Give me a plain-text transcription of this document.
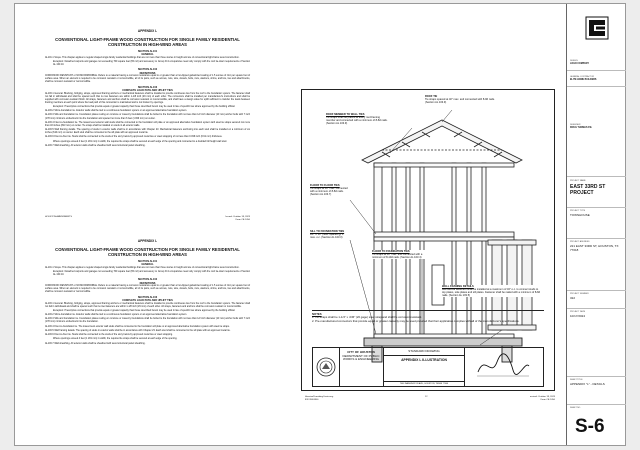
APPENDIX L

CONVENTIONAL LIGHT-FRAME WOOD CONSTRUCTION FOR SINGLE FAMILY RESIDENTIAL CONSTRUCTION IN HIGH-WIND AREAS

SECTION AL101

GENERAL

AL101.1 Scope. This chapter applies to regular shaped single family residential buildings that are not more than three stories in height and are of conventional light-frame wood construction.

Exception: Detached carports and garages not exceeding 700 square feet (65 m2) and accessory to Group R-3 occupancies need only comply with the roof tie-down requirements of Section AL 103.10.

SECTION AL102

DEFINITIONS

CORROSION RESISTANT or NONCORRODIBLE. Refers to a material having a corrosion resistance equal to or greater than a hot-dipped galvanized coating of 1.5 ounces of zinc per square foot of surface area. When an element is required to be corrosion resistant or noncorrodible, all of its parts, such as screws, nuts, wire, dowels, bolts, nuts, washers, shims, anchors, ties and attachments, shall be corrosion resistant or noncorrodible.

SECTION AL103

COMPLETE LOAD PATH AND UPLIFT TIES

AL103.1 General. Blocking, bridging, straps, approved framing anchors or mechanical fasteners shall be installed to provide continuous ties from the roof to the foundation system. The fastener shall not fail in withdrawal and shall be spaced such that no two fasteners are within 1-1/8 inch (29 mm) of each other. The connectors shall be installed per manufacturer's instructions and shall be supplied with corrosion-resistant finish. All straps, fasteners and anchors shall be corrosion resistant or noncorrodible, and shall have a design value for uplift sufficient to transfer the loads between framing members at each point where the load path of this connection is maintained and is not broken by openings.

Exception: Prescriptive connections that provide equal or greater capacity than those described herein may be used in lieu of specific ties where approved by the building official.

AL103.2 Sill-to-foundation tie. Exterior walls shall be tied to a continuous foundation system or an approved alternative foundation system.

AL103.3 Sills and foundation tie. Foundation plates resting on concrete or masonry foundations shall be bolted to the foundation with not less than 1/2 inch diameter (13 mm) anchor bolts with 7 inch (178 mm) minimum embedment into the foundation and spaced not more than 6 feet (1 829 mm) on center.

AL103.4 Floor-to-foundation tie. The lowest level exterior wall studs shall be connected to the foundation sill plate or an approved alternative foundation system with steel tie straps secured not more than 32 inches (813 mm) on center. Tie straps shall be installed on studs in all exterior walls.

AL103.5 Wall framing details. The spacing of studs in exterior walls shall be in accordance with Chapter 23. Mechanical fasteners anchoring into each stud shall be installed on a minimum of six inches (610 mm) on center. Each stud shall be connected to the sill plate with an approved metal tie.

AL103.6 Floor-to-floor tie. Studs shall be connected to the studs of the story below by approved metal ties or steel strapping of not less than 0.036 inch (0.91 mm) thickness.

Where openings exceed 4 feet (1 219 mm) in width, the required tie straps shall be secured at each edge of the opening and connected to a doubled full height wall stud.

AL103.7 Wall sheathing. All exterior walls shall be sheathed with wood structural panel sheathing.

HOUSTON AMENDMENTS	Issued: October 18, 2023
Form CE-1050

APPENDIX L

CONVENTIONAL LIGHT-FRAME WOOD CONSTRUCTION FOR SINGLE FAMILY RESIDENTIAL CONSTRUCTION IN HIGH-WIND AREAS

SECTION AL101

GENERAL

AL101.1 Scope. This chapter applies to regular shaped single family residential buildings that are not more than three stories in height and are of conventional light-frame wood construction.

Exception: Detached carports and garages not exceeding 700 square feet (65 m2) and accessory to Group R-3 occupancies need only comply with the roof tie-down requirements of Section AL 103.10.

SECTION AL102

DEFINITIONS

CORROSION RESISTANT or NONCORRODIBLE. Refers to a material having a corrosion resistance equal to or greater than a hot-dipped galvanized coating of 1.5 ounces of zinc per square foot of surface area. When an element is required to be corrosion resistant or noncorrodible, all of its parts, such as screws, nuts, wire, dowels, bolts, nuts, washers, shims, anchors, ties and attachments, shall be corrosion resistant or noncorrodible.

SECTION AL103

COMPLETE LOAD PATH AND UPLIFT TIES

AL103.1 General. Blocking, bridging, straps, approved framing anchors or mechanical fasteners shall be installed to provide continuous ties from the roof to the foundation system. The fastener shall not fail in withdrawal and shall be spaced such that no two fasteners are within 1-1/8 inch (29 mm) of each other. All straps, fasteners and anchors shall be corrosion resistant or noncorrodible.

Exception: Prescriptive connections that provide equal or greater capacity than those described herein may be used in lieu of specific ties where approved by the building official.

AL103.2 Sill-to-foundation tie. Exterior walls shall be tied to a continuous foundation system or an approved alternative foundation system.

AL103.3 Sills and foundation tie. Foundation plates resting on concrete or masonry foundations shall be bolted to the foundation with not less than 1/2 inch diameter (13 mm) anchor bolts with 7 inch (178 mm) minimum embedment into the foundation.

AL103.4 Floor-to-foundation tie. The lowest level exterior wall studs shall be connected to the foundation sill plate or an approved alternative foundation system with steel tie straps.

AL103.5 Wall framing details. The spacing of studs in exterior walls shall be in accordance with Chapter 23. Each stud shall be connected to the sill plate with an approved metal tie.

AL103.6 Floor-to-floor tie. Studs shall be connected to the studs of the story below by approved metal ties or steel strapping.

Where openings exceed 4 feet (1 219 mm) in width, the required tie straps shall be secured at each edge of the opening.

AL103.7 Wall sheathing. All exterior walls shall be sheathed with wood structural panel sheathing.

ROOF TIE
Tie straps spaced at 32" max. and connected with 8-8d nails. (Section AL 103.9)
ROOF MEMBER TO WALL TIES
Tie straps shall be placed at every roof-framing member and connected with a minimum of 8-8d nails. (Section AL 103.9)
FLOOR TO FLOOR TIES
Tie straps at 32" max. connected with a minimum of 8-8d nails. (Section AL 103.7)
SILL TO FOUNDATION TIES
1/2" X 10" (nest. spaced @ 6' max. o.c. (Section AL 103.3)
FLOOR TO FOUNDATION TIES
Tie straps at 32" max. and connected with a minimum of 8-10d nails. (Section AL 103.4)
WALL FRAMING DETAILS
Mechanical fasteners shall be installed at a maximum of 32" o.c. to connect studs to top plates, sole plates and sill plates. Fastener shall be nailed with a minimum of 8-8d nails. (Section AL 103.5)
NOTES
1. Tie straps shall be 1-1/4" x .036" (20 gage) steel strap and shall be corrosion resistant.
2. Pre-manufactured connectors that provide equal or greater capacity may be used provided that their application complies with all of the manufacturer's specifications.
CITY OF HOUSTON
DEPARTMENT OF PUBLIC
WORKS & ENGINEERING
STANDARD DRAWING
APPENDIX L ILLUSTRATION
7000 WASHINGTON AVE., HOUSTON, TEXAS 77006
HoustonPermittingCenter.org
832.394.8800
12	revised: October 18, 2023
Form CE-1050
DESIGN
LOGO COMPANY
GENERAL CONTRACTOR
ELITE HOME BUILDERS
DESIGNER
DOUG THOMAS P.E.
PROJECT NAME
EAST 33RD ST PROJECT
PROJECT TYPE
TOWNHOUSE
PROJECT ADDRESS
221 EAST 33RD ST, HOUSTON, TX 77018
PROJECT NUMBER
322
PROJECT DATE
10/17/2024
SHEET TITLE
APPENDIX "L" - DETAILS
SHEET NO.
S-6
